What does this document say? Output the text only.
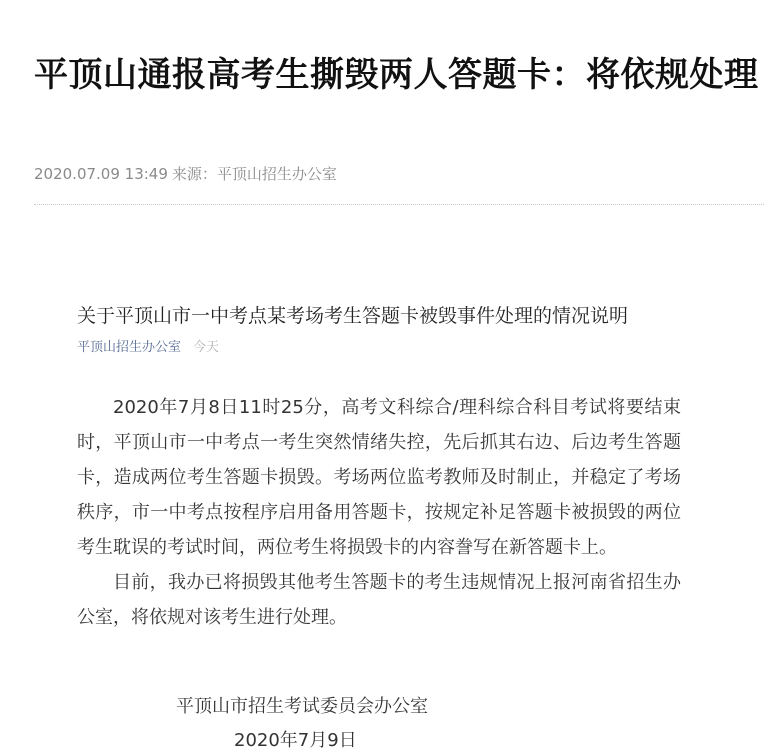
平顶山通报高考生撕毁两人答题卡：将依规处理
2020.07.09 13:49 来源：平顶山招生办公室
关于平顶山市一中考点某考场考生答题卡被毁事件处理的情况说明
平顶山招生办公室 今天

2020年7月8日11时25分，高考文科综合/理科综合科目考试将要结束时，平顶山市一中考点一考生突然情绪失控，先后抓其右边、后边考生答题卡，造成两位考生答题卡损毁。考场两位监考教师及时制止，并稳定了考场秩序，市一中考点按程序启用备用答题卡，按规定补足答题卡被损毁的两位考生耽误的考试时间，两位考生将损毁卡的内容誊写在新答题卡上。

目前，我办已将损毁其他考生答题卡的考生违规情况上报河南省招生办公室，将依规对该考生进行处理。

平顶山市招生考试委员会办公室
2020年7月9日
